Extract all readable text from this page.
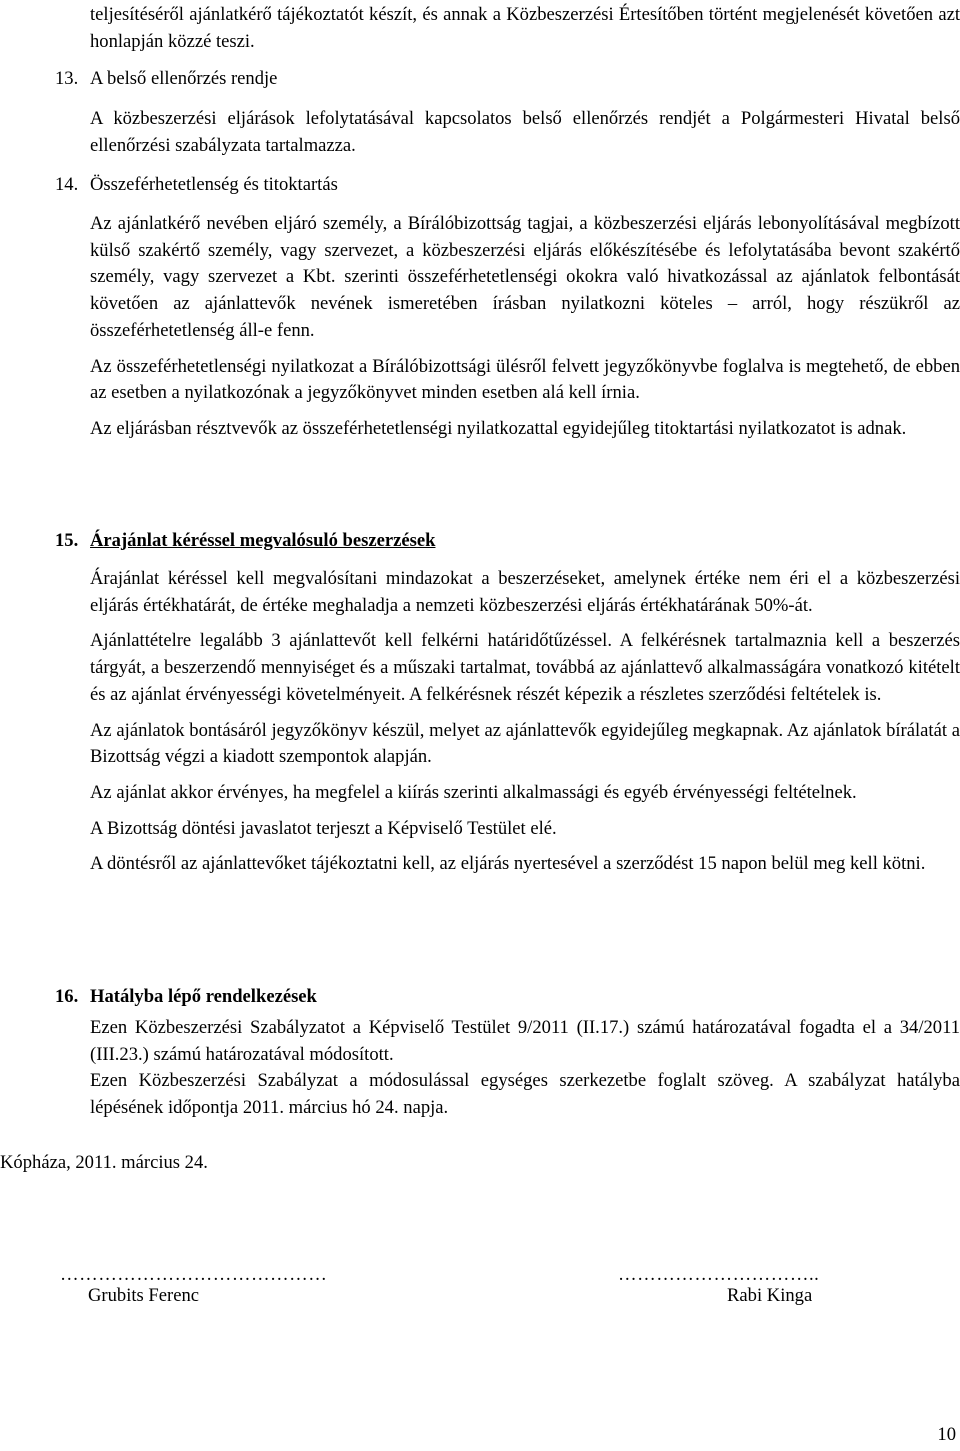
teljesítéséről ajánlatkérő tájékoztatót készít, és annak a Közbeszerzési Értesítőben történt megjelenését követően azt honlapján közzé teszi.

13. A belső ellenőrzés rendje

A közbeszerzési eljárások lefolytatásával kapcsolatos belső ellenőrzés rendjét a Polgármesteri Hivatal belső ellenőrzési szabályzata tartalmazza.

14. Összeférhetetlenség és titoktartás

Az ajánlatkérő nevében eljáró személy, a Bírálóbizottság tagjai, a közbeszerzési eljárás lebonyolításával megbízott külső szakértő személy, vagy szervezet, a közbeszerzési eljárás előkészítésébe és lefolytatásába bevont szakértő személy, vagy szervezet a Kbt. szerinti összeférhetetlenségi okokra való hivatkozással az ajánlatok felbontását követően az ajánlattevők nevének ismeretében írásban nyilatkozni köteles – arról, hogy részükről az összeférhetetlenség áll-e fenn.

Az összeférhetetlenségi nyilatkozat a Bírálóbizottsági ülésről felvett jegyzőkönyvbe foglalva is megtehető, de ebben az esetben a nyilatkozónak a jegyzőkönyvet minden esetben alá kell írnia.

Az eljárásban résztvevők az összeférhetetlenségi nyilatkozattal egyidejűleg titoktartási nyilatkozatot is adnak.

15. Árajánlat kéréssel megvalósuló beszerzések

Árajánlat kéréssel kell megvalósítani mindazokat a beszerzéseket, amelynek értéke nem éri el a közbeszerzési eljárás értékhatárát, de értéke meghaladja a nemzeti közbeszerzési eljárás értékhatárának 50%-át.

Ajánlattételre legalább 3 ajánlattevőt kell felkérni határidőtűzéssel. A felkérésnek tartalmaznia kell a beszerzés tárgyát, a beszerzendő mennyiséget és a műszaki tartalmat, továbbá az ajánlattevő alkalmasságára vonatkozó kitételt és az ajánlat érvényességi követelményeit. A felkérésnek részét képezik a részletes szerződési feltételek is.

Az ajánlatok bontásáról jegyzőkönyv készül, melyet az ajánlattevők egyidejűleg megkapnak. Az ajánlatok bírálatát a Bizottság végzi a kiadott szempontok alapján.

Az ajánlat akkor érvényes, ha megfelel a kiírás szerinti alkalmassági és egyéb érvényességi feltételnek.

A Bizottság döntési javaslatot terjeszt a Képviselő Testület elé.

A döntésről az ajánlattevőket tájékoztatni kell, az eljárás nyertesével a szerződést 15 napon belül meg kell kötni.

16. Hatályba lépő rendelkezések

Ezen Közbeszerzési Szabályzatot a Képviselő Testület 9/2011 (II.17.) számú határozatával fogadta el a 34/2011 (III.23.) számú határozatával módosított.

Ezen Közbeszerzési Szabályzat a módosulással egységes szerkezetbe foglalt szöveg. A szabályzat hatályba lépésének időpontja 2011. március hó 24. napja.

Kópháza, 2011. március 24.

……………………………………	…………………………..

Grubits Ferenc	Rabi Kinga

10
